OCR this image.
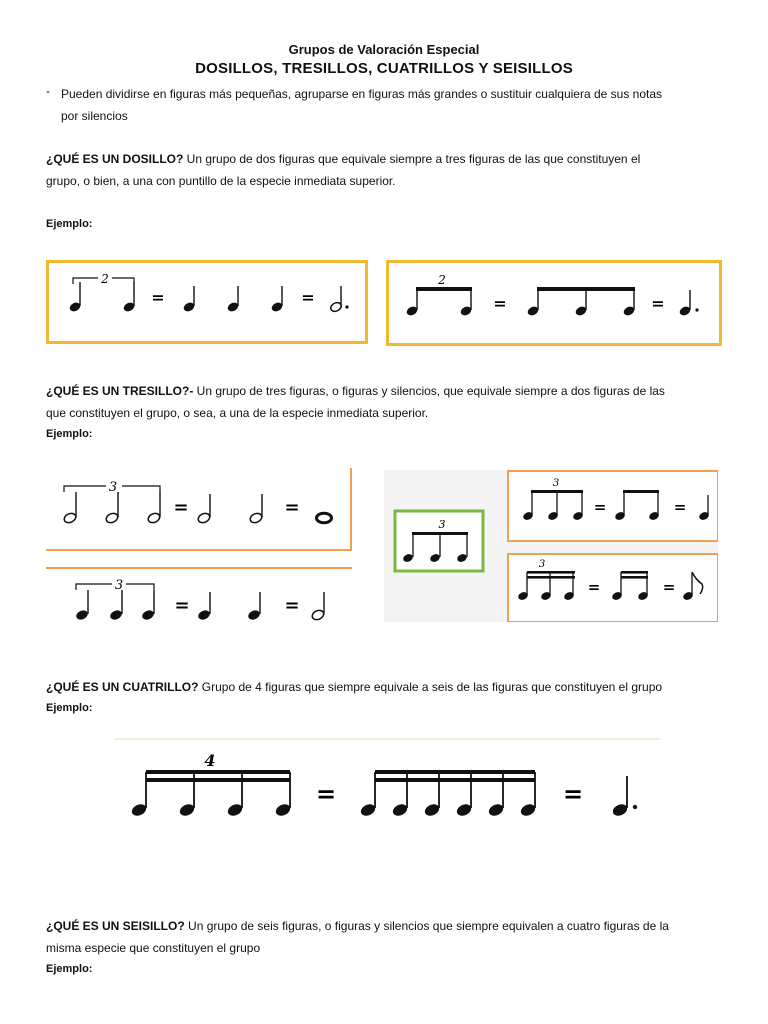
Grupos de Valoración Especial
DOSILLOS, TRESILLOS, CUATRILLOS Y SEISILLOS
- Pueden dividirse en figuras más pequeñas, agruparse en figuras más grandes o sustituir cualquiera de sus notas
por silencios
¿QUÉ ES UN DOSILLO? Un grupo de dos figuras que equivale siempre a tres figuras de las que constituyen el
grupo, o bien, a una con puntillo de la especie inmediata superior.
Ejemplo:
2
=	=
2
=	=
¿QUÉ ES UN TRESILLO?- Un grupo de tres figuras, o figuras y silencios, que equivale siempre a dos figuras de las
que constituyen el grupo, o sea, a una de la especie inmediata superior.
Ejemplo:
3
=	=
3
=	=
3
3
=	=
3
=	=
¿QUÉ ES UN CUATRILLO? Grupo de 4 figuras que siempre equivale a seis de las figuras que constituyen el grupo
Ejemplo:
4
=	=
¿QUÉ ES UN SEISILLO? Un grupo de seis figuras, o figuras y silencios que siempre equivalen a cuatro figuras de la
misma especie que constituyen el grupo
Ejemplo:
